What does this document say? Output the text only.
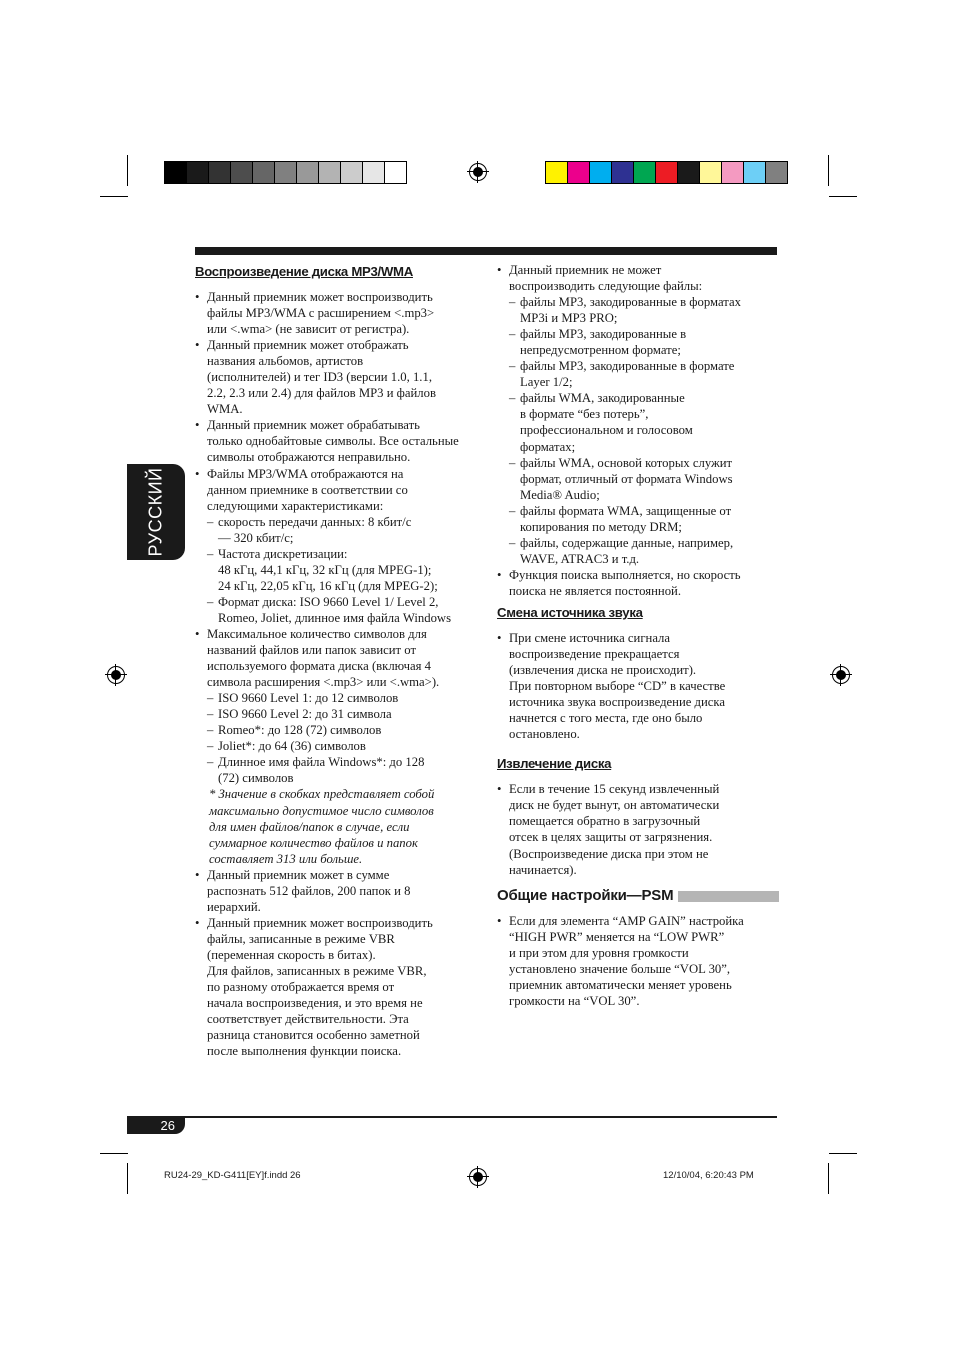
РУССКИЙ
Воспроизведение диска MP3/WMA
• Данный приемник может воспроизводить
файлы MP3/WMA с расширением <.mp3>
или <.wma> (не зависит от регистра).
• Данный приемник может отображать
названия альбомов, артистов
(исполнителей) и тег ID3 (версии 1.0, 1.1,
2.2, 2.3 или 2.4) для файлов MP3 и файлов
WMA.
• Данный приемник может обрабатывать
только однобайтовые символы. Все остальные
символы отображаются неправильно.
• Файлы MP3/WMA отображаются на
данном приемнике в соответствии со
следующими характеристиками:
– скорость передачи данных: 8 кбит/с
— 320 кбит/с;
– Частота дискретизации:
48 кГц, 44,1 кГц, 32 кГц (для MPEG-1);
24 кГц, 22,05 кГц, 16 кГц (для MPEG-2);
– Формат диска: ISO 9660 Level 1/ Level 2,
Romeo, Joliet, длинное имя файла Windows
• Максимальное количество символов для
названий файлов или папок зависит от
используемого формата диска (включая 4
символа расширения <.mp3> или <.wma>).
– ISO 9660 Level 1: до 12 символов
– ISO 9660 Level 2: до 31 символа
– Romeo*: до 128 (72) символов
– Joliet*: до 64 (36) символов
– Длинное имя файла Windows*: до 128
(72) символов
* Значение в скобках представляет собой
максимально допустимое число символов
для имен файлов/папок в случае, если
суммарное количество файлов и папок
составляет 313 или больше.
• Данный приемник может в сумме
распознать 512 файлов, 200 папок и 8
иерархий.
• Данный приемник может воспроизводить
файлы, записанные в режиме VBR
(переменная скорость в битах).
Для файлов, записанных в режиме VBR,
по разному отображается время от
начала воспроизведения, и это время не
соответствует действительности. Эта
разница становится особенно заметной
после выполнения функции поиска.
• Данный приемник не может
воспроизводить следующие файлы:
– файлы MP3, закодированные в форматах
MP3i и MP3 PRO;
– файлы MP3, закодированные в
непредусмотренном формате;
– файлы MP3, закодированные в формате
Layer 1/2;
– файлы WMA, закодированные
в формате “без потерь”,
профессиональном и голосовом
форматах;
– файлы WMA, основой которых служит
формат, отличный от формата Windows
Media® Audio;
– файлы формата WMA, защищенные от
копирования по методу DRM;
– файлы, содержащие данные, например,
WAVE, ATRAC3 и т.д.
• Функция поиска выполняется, но скорость
поиска не является постоянной.
Смена источника звука
• При смене источника сигнала
воспроизведение прекращается
(извлечения диска не происходит).
При повторном выборе “CD” в качестве
источника звука воспроизведение диска
начнется с того места, где оно было
остановлено.
Извлечение диска
• Если в течение 15 секунд извлеченный
диск не будет вынут, он автоматически
помещается обратно в загрузочный
отсек в целях защиты от загрязнения.
(Воспроизведение диска при этом не
начинается).
Общие настройки—PSM
• Если для элемента “AMP GAIN” настройка
“HIGH PWR” меняется на “LOW PWR”
и при этом для уровня громкости
установлено значение больше “VOL 30”,
приемник автоматически меняет уровень
громкости на “VOL 30”.
26
RU24-29_KD-G411[EY]f.indd 26	12/10/04, 6:20:43 PM
